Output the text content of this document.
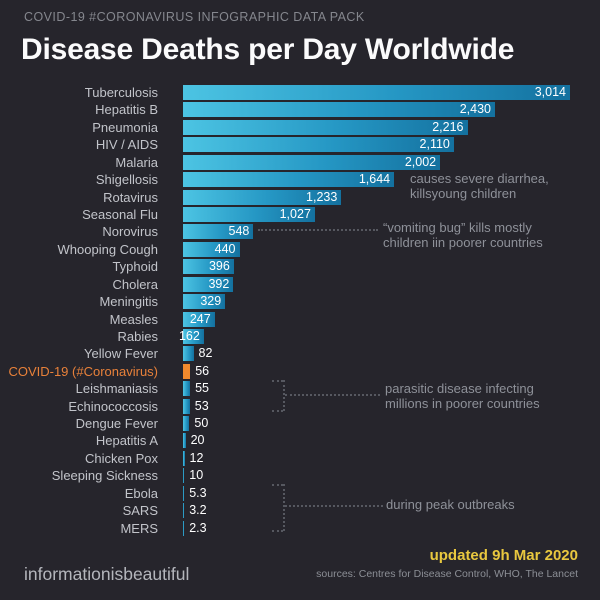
COVID-19 #CORONAVIRUS INFOGRAPHIC DATA PACK
Disease Deaths per Day Worldwide
Tuberculosis	3,014
Hepatitis B	2,430
Pneumonia	2,216
HIV / AIDS	2,110
Malaria	2,002
Shigellosis	1,644
Rotavirus	1,233
Seasonal Flu	1,027
Norovirus	548
Whooping Cough	440
Typhoid	396
Cholera	392
Meningitis	329
Measles	247
Rabies 162
Yellow Fever	82
COVID-19 (#Coronavirus)	56
Leishmaniasis	55
Echinococcosis	53
Dengue Fever	50
Hepatitis A	20
Chicken Pox	12
Sleeping Sickness	10
Ebola 5.3
SARS 3.2
MERS 2.3
causes severe diarrhea,
killsyoung children
“vomiting bug” kills mostly
children iin poorer countries
parasitic disease infecting
millions in poorer countries
during peak outbreaks
informationisbeautiful
updated 9h Mar 2020
sources: Centres for Disease Control, WHO, The Lancet
